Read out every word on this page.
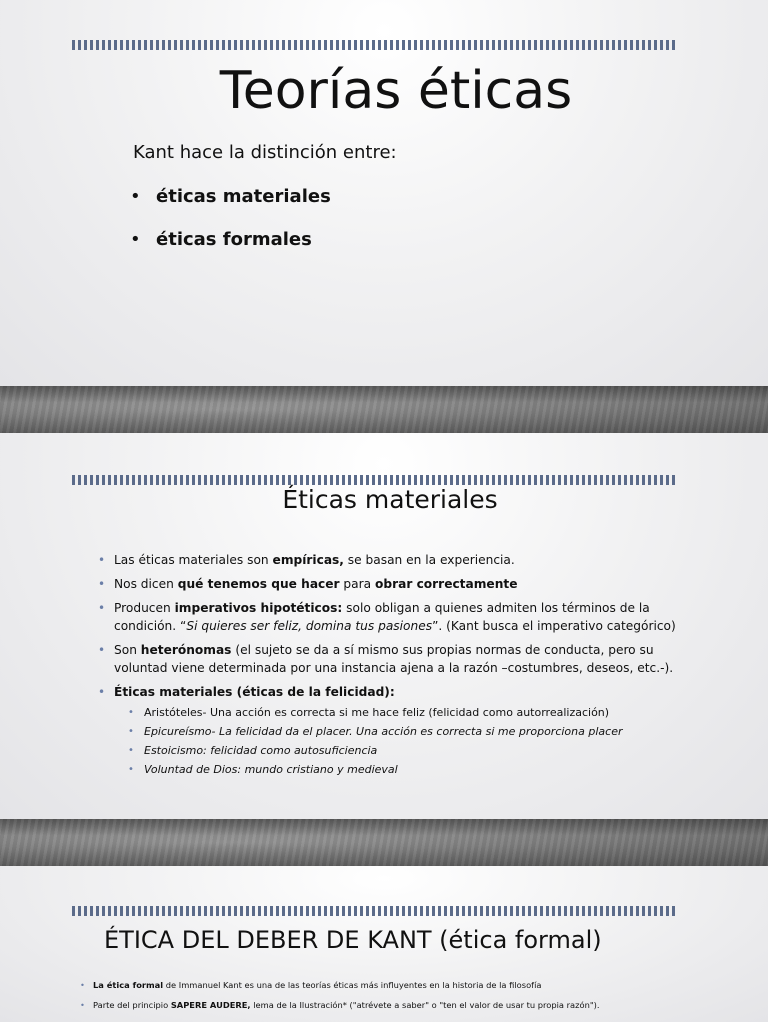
Teorías éticas
Kant hace la distinción entre:
• éticas materiales
• éticas formales
Éticas materiales
• Las éticas materiales son empíricas, se basan en la experiencia.
• Nos dicen qué tenemos que hacer para obrar correctamente
• Producen imperativos hipotéticos: solo obligan a quienes admiten los términos de la condición. “Si quieres ser feliz, domina tus pasiones”. (Kant busca el imperativo categórico)
• Son heterónomas (el sujeto se da a sí mismo sus propias normas de conducta, pero su voluntad viene determinada por una instancia ajena a la razón –costumbres, deseos, etc.-).
• Éticas materiales (éticas de la felicidad):
• Aristóteles- Una acción es correcta si me hace feliz (felicidad como autorrealización)
• Epicureísmo- La felicidad da el placer. Una acción es correcta si me proporciona placer
• Estoicismo: felicidad como autosuficiencia
• Voluntad de Dios: mundo cristiano y medieval
ÉTICA DEL DEBER DE KANT (ética formal)
• La ética formal de Immanuel Kant es una de las teorías éticas más influyentes en la historia de la filosofía
• Parte del principio SAPERE AUDERE, lema de la Ilustración* ("atrévete a saber" o "ten el valor de usar tu propia razón").
